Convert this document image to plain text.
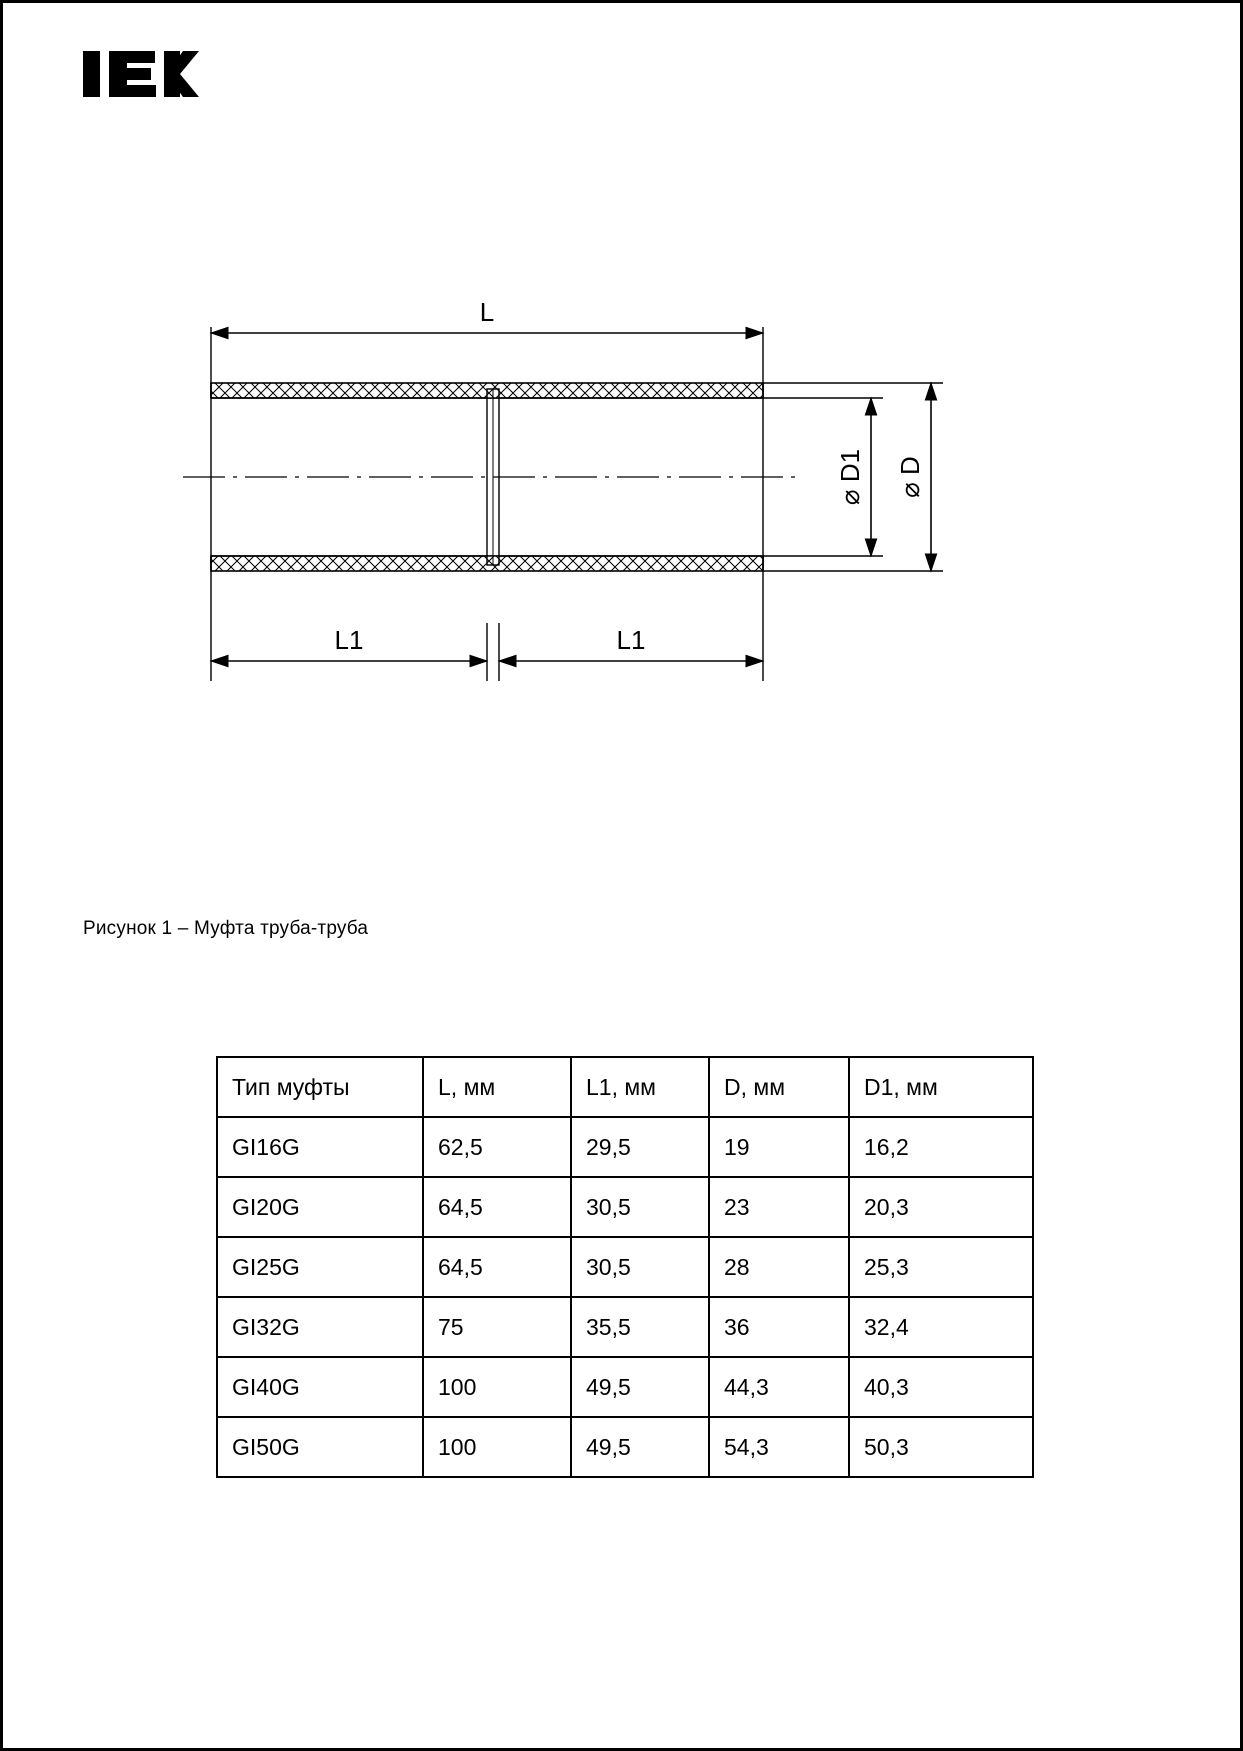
L
⌀ D1 ⌀ D
L1	L1
Рисунок 1 – Муфта труба-труба
Тип муфты	L, мм	L1, мм	D, мм	D1, мм
GI16G	62,5	29,5	19	16,2
GI20G	64,5	30,5	23	20,3
GI25G	64,5	30,5	28	25,3
GI32G	75	35,5	36	32,4
GI40G	100	49,5	44,3	40,3
GI50G	100	49,5	54,3	50,3
